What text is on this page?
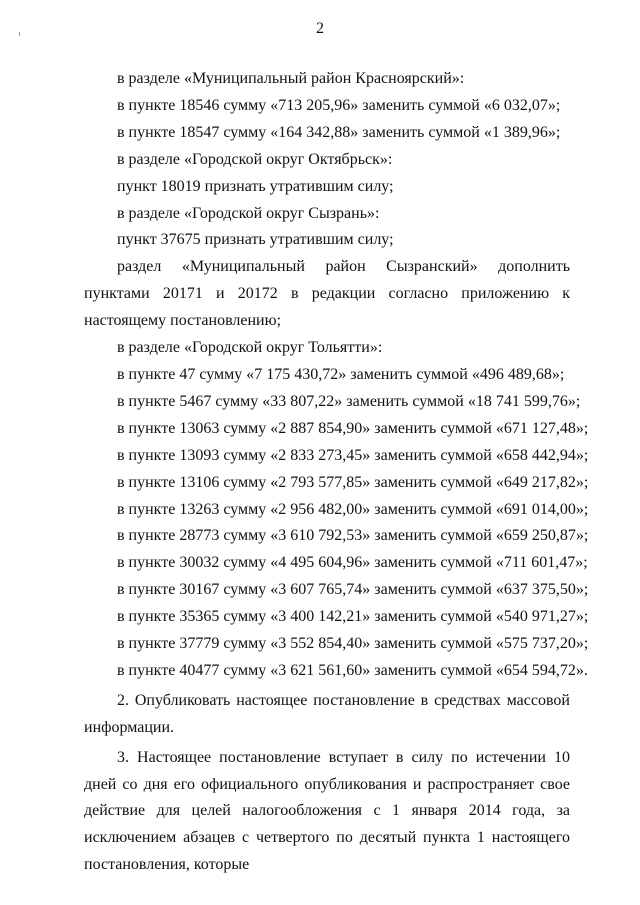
2
в разделе «Муниципальный район Красноярский»:
в пункте 18546 сумму «713 205,96» заменить суммой «6 032,07»;
в пункте 18547 сумму «164 342,88» заменить суммой «1 389,96»;
в разделе «Городской округ Октябрьск»:
пункт 18019 признать утратившим силу;
в разделе «Городской округ Сызрань»:
пункт 37675 признать утратившим силу;
раздел «Муниципальный район Сызранский» дополнить пунктами 20171 и 20172 в редакции согласно приложению к настоящему постановлению;
в разделе «Городской округ Тольятти»:
в пункте 47 сумму «7 175 430,72» заменить суммой «496 489,68»;
в пункте 5467 сумму «33 807,22» заменить суммой «18 741 599,76»;
в пункте 13063 сумму «2 887 854,90» заменить суммой «671 127,48»;
в пункте 13093 сумму «2 833 273,45» заменить суммой «658 442,94»;
в пункте 13106 сумму «2 793 577,85» заменить суммой «649 217,82»;
в пункте 13263 сумму «2 956 482,00» заменить суммой «691 014,00»;
в пункте 28773 сумму «3 610 792,53» заменить суммой «659 250,87»;
в пункте 30032 сумму «4 495 604,96» заменить суммой «711 601,47»;
в пункте 30167 сумму «3 607 765,74» заменить суммой «637 375,50»;
в пункте 35365 сумму «3 400 142,21» заменить суммой «540 971,27»;
в пункте 37779 сумму «3 552 854,40» заменить суммой «575 737,20»;
в пункте 40477 сумму «3 621 561,60» заменить суммой «654 594,72».
2. Опубликовать настоящее постановление в средствах массовой информации.
3. Настоящее постановление вступает в силу по истечении 10 дней со дня его официального опубликования и распространяет свое действие для целей налогообложения с 1 января 2014 года, за исключением абзацев с четвертого по десятый пункта 1 настоящего постановления, которые
